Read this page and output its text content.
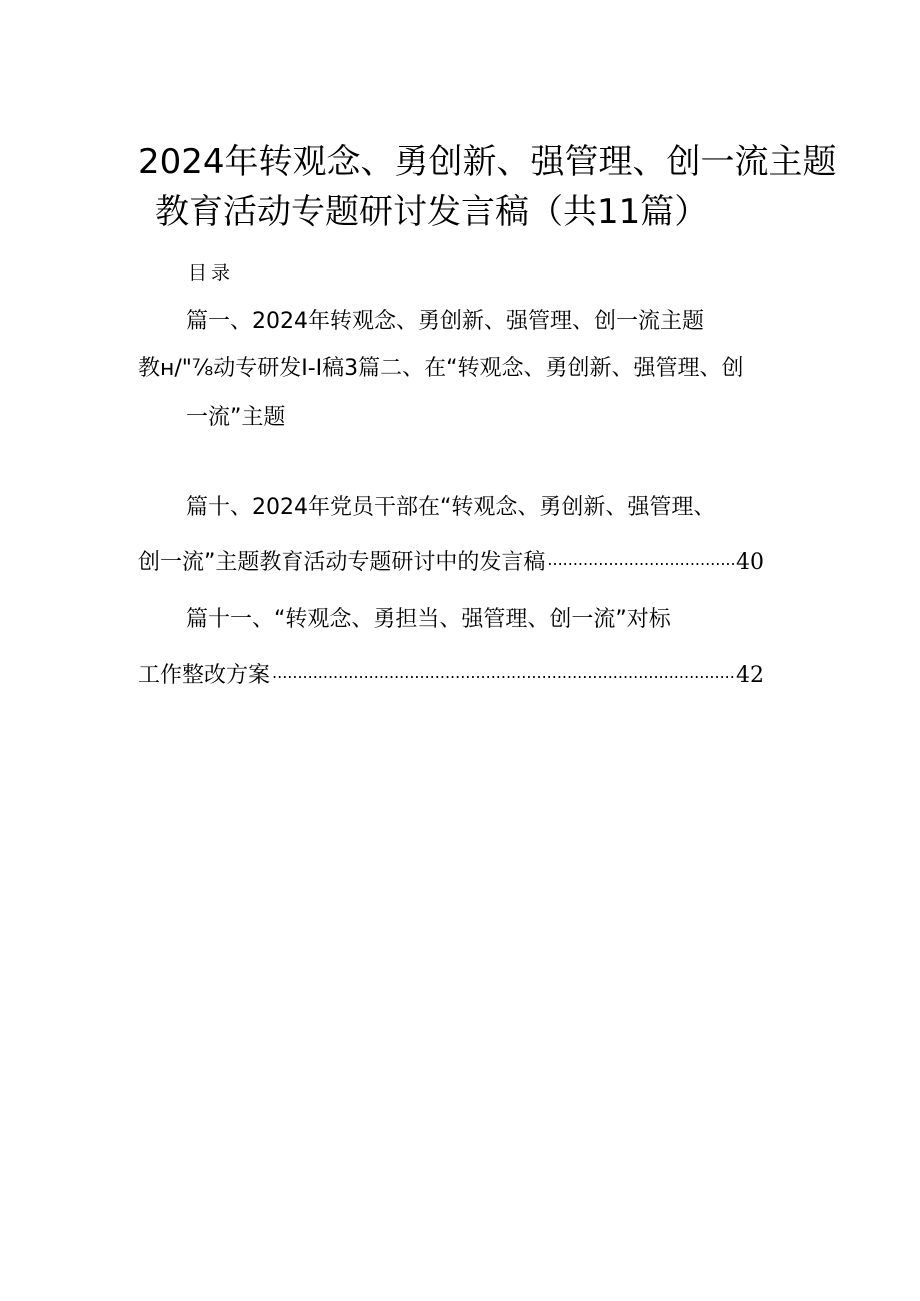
2024年转观念、勇创新、强管理、创一流主题
教育活动专题研讨发言稿（共11篇）
目录
篇一、2024年转观念、勇创新、强管理、创一流主题
教н/"⅞动专研发I-I稿3篇二、在“转观念、勇创新、强管理、创
一流”主题
篇十、2024年党员干部在“转观念、勇创新、强管理、
创一流”主题教育活动专题研讨中的发言稿 .....	40
篇十一、“转观念、勇担当、强管理、创一流”对标
工作整改方案 .....	42
